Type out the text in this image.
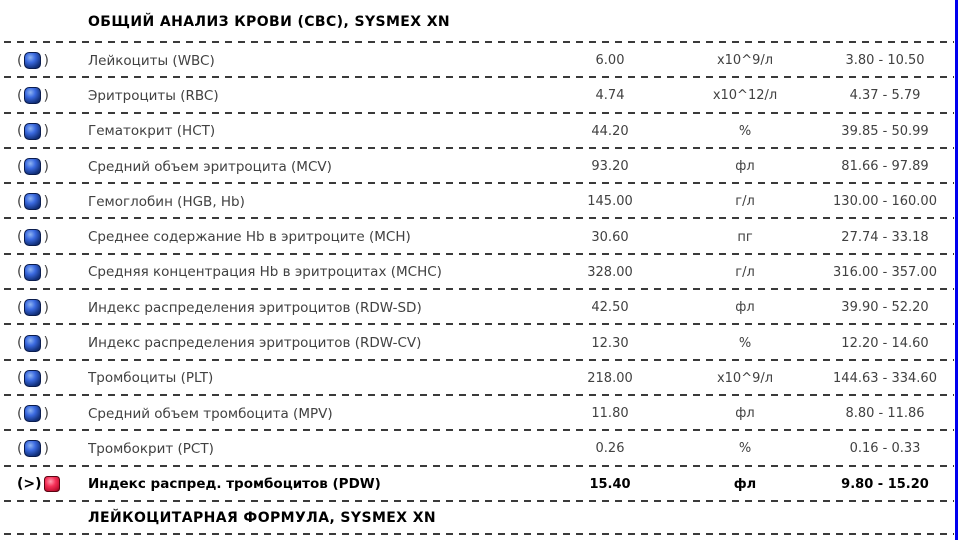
ОБЩИЙ АНАЛИЗ КРОВИ (CBC), SYSMEX XN
( )	Лейкоциты (WBC)	6.00	x10^9/л	3.80 - 10.50
( )	Эритроциты (RBC)	4.74	x10^12/л	4.37 - 5.79
( )	Гематокрит (HCT)	44.20	%	39.85 - 50.99
( )	Средний объем эритроцита (MCV)	93.20	фл	81.66 - 97.89
( )	Гемоглобин (HGB, Hb)	145.00	г/л	130.00 - 160.00
( )	Среднее содержание Hb в эритроците (MCH)	30.60	пг	27.74 - 33.18
( )	Средняя концентрация Hb в эритроцитах (MCHC)	328.00	г/л	316.00 - 357.00
( )	Индекс распределения эритроцитов (RDW-SD)	42.50	фл	39.90 - 52.20
( )	Индекс распределения эритроцитов (RDW-CV)	12.30	%	12.20 - 14.60
( )	Тромбоциты (PLT)	218.00	x10^9/л	144.63 - 334.60
( )	Средний объем тромбоцита (MPV)	11.80	фл	8.80 - 11.86
( )	Тромбокрит (PCT)	0.26	%	0.16 - 0.33
(>)	Индекс распред. тромбоцитов (PDW)	15.40	фл	9.80 - 15.20
ЛЕЙКОЦИТАРНАЯ ФОРМУЛА, SYSMEX XN
